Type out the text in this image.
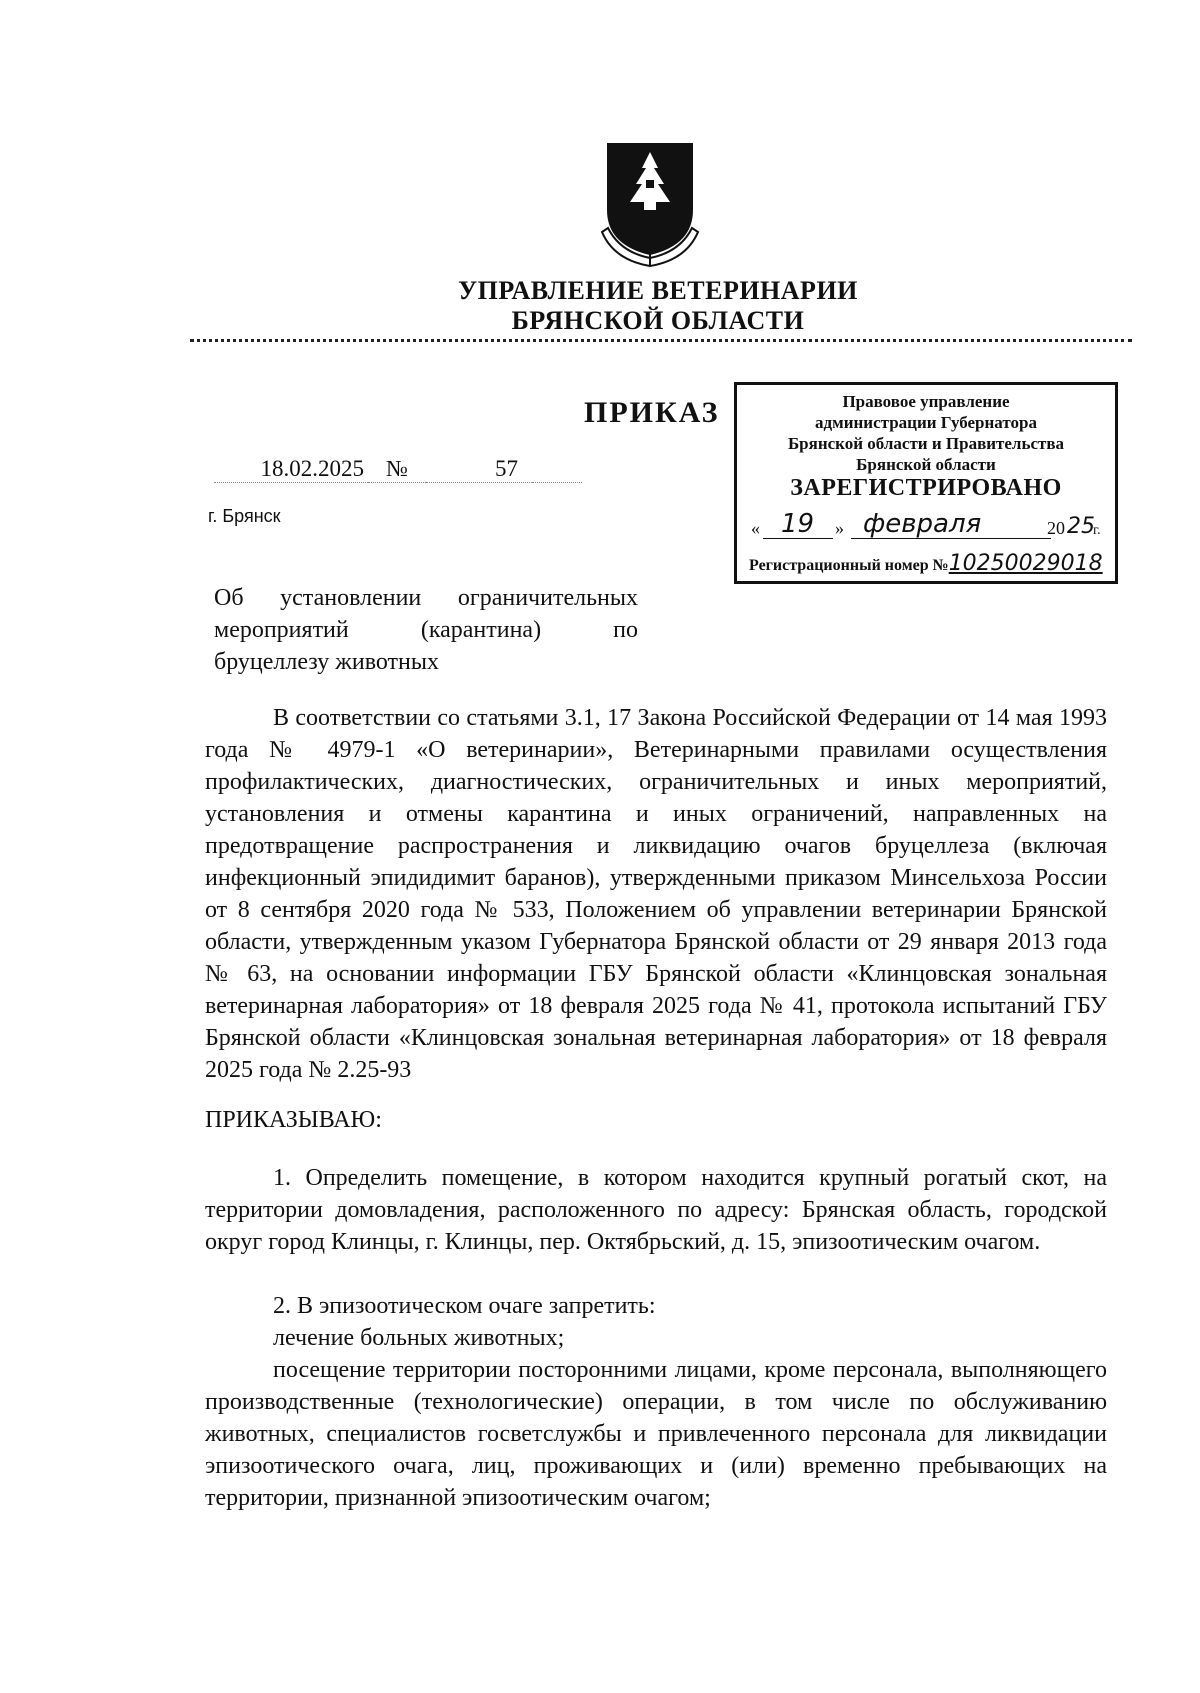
УПРАВЛЕНИЕ ВЕТЕРИНАРИИ
БРЯНСКОЙ ОБЛАСТИ
ПРИКАЗ
18.02.2025 №	57
г. Брянск
Правовое управление
администрации Губернатора
Брянской области и Правительства
Брянской области
ЗАРЕГИСТРИРОВАНО
« 19 » февраля	20 25
г.
Регистрационный номер №10250029018
Об установлении ограничительных
мероприятий (карантина) по
бруцеллезу животных
В соответствии со статьями 3.1, 17 Закона Российской Федерации от 14 мая 1993 года № 4979-1 «О ветеринарии», Ветеринарными правилами осуществления профилактических, диагностических, ограничительных и иных мероприятий, установления и отмены карантина и иных ограничений, направленных на предотвращение распространения и ликвидацию очагов бруцеллеза (включая инфекционный эпидидимит баранов), утвержденными приказом Минсельхоза России от 8 сентября 2020 года № 533, Положением об управлении ветеринарии Брянской области, утвержденным указом Губернатора Брянской области от 29 января 2013 года № 63, на основании информации ГБУ Брянской области «Клинцовская зональная ветеринарная лаборатория» от 18 февраля 2025 года № 41, протокола испытаний ГБУ Брянской области «Клинцовская зональная ветеринарная лаборатория» от 18 февраля 2025 года № 2.25-93
ПРИКАЗЫВАЮ:
1. Определить помещение, в котором находится крупный рогатый скот, на территории домовладения, расположенного по адресу: Брянская область, городской округ город Клинцы, г. Клинцы, пер. Октябрьский, д. 15, эпизоотическим очагом.
2. В эпизоотическом очаге запретить:
лечение больных животных;
посещение территории посторонними лицами, кроме персонала, выполняющего производственные (технологические) операции, в том числе по обслуживанию животных, специалистов госветслужбы и привлеченного персонала для ликвидации эпизоотического очага, лиц, проживающих и (или) временно пребывающих на территории, признанной эпизоотическим очагом;
